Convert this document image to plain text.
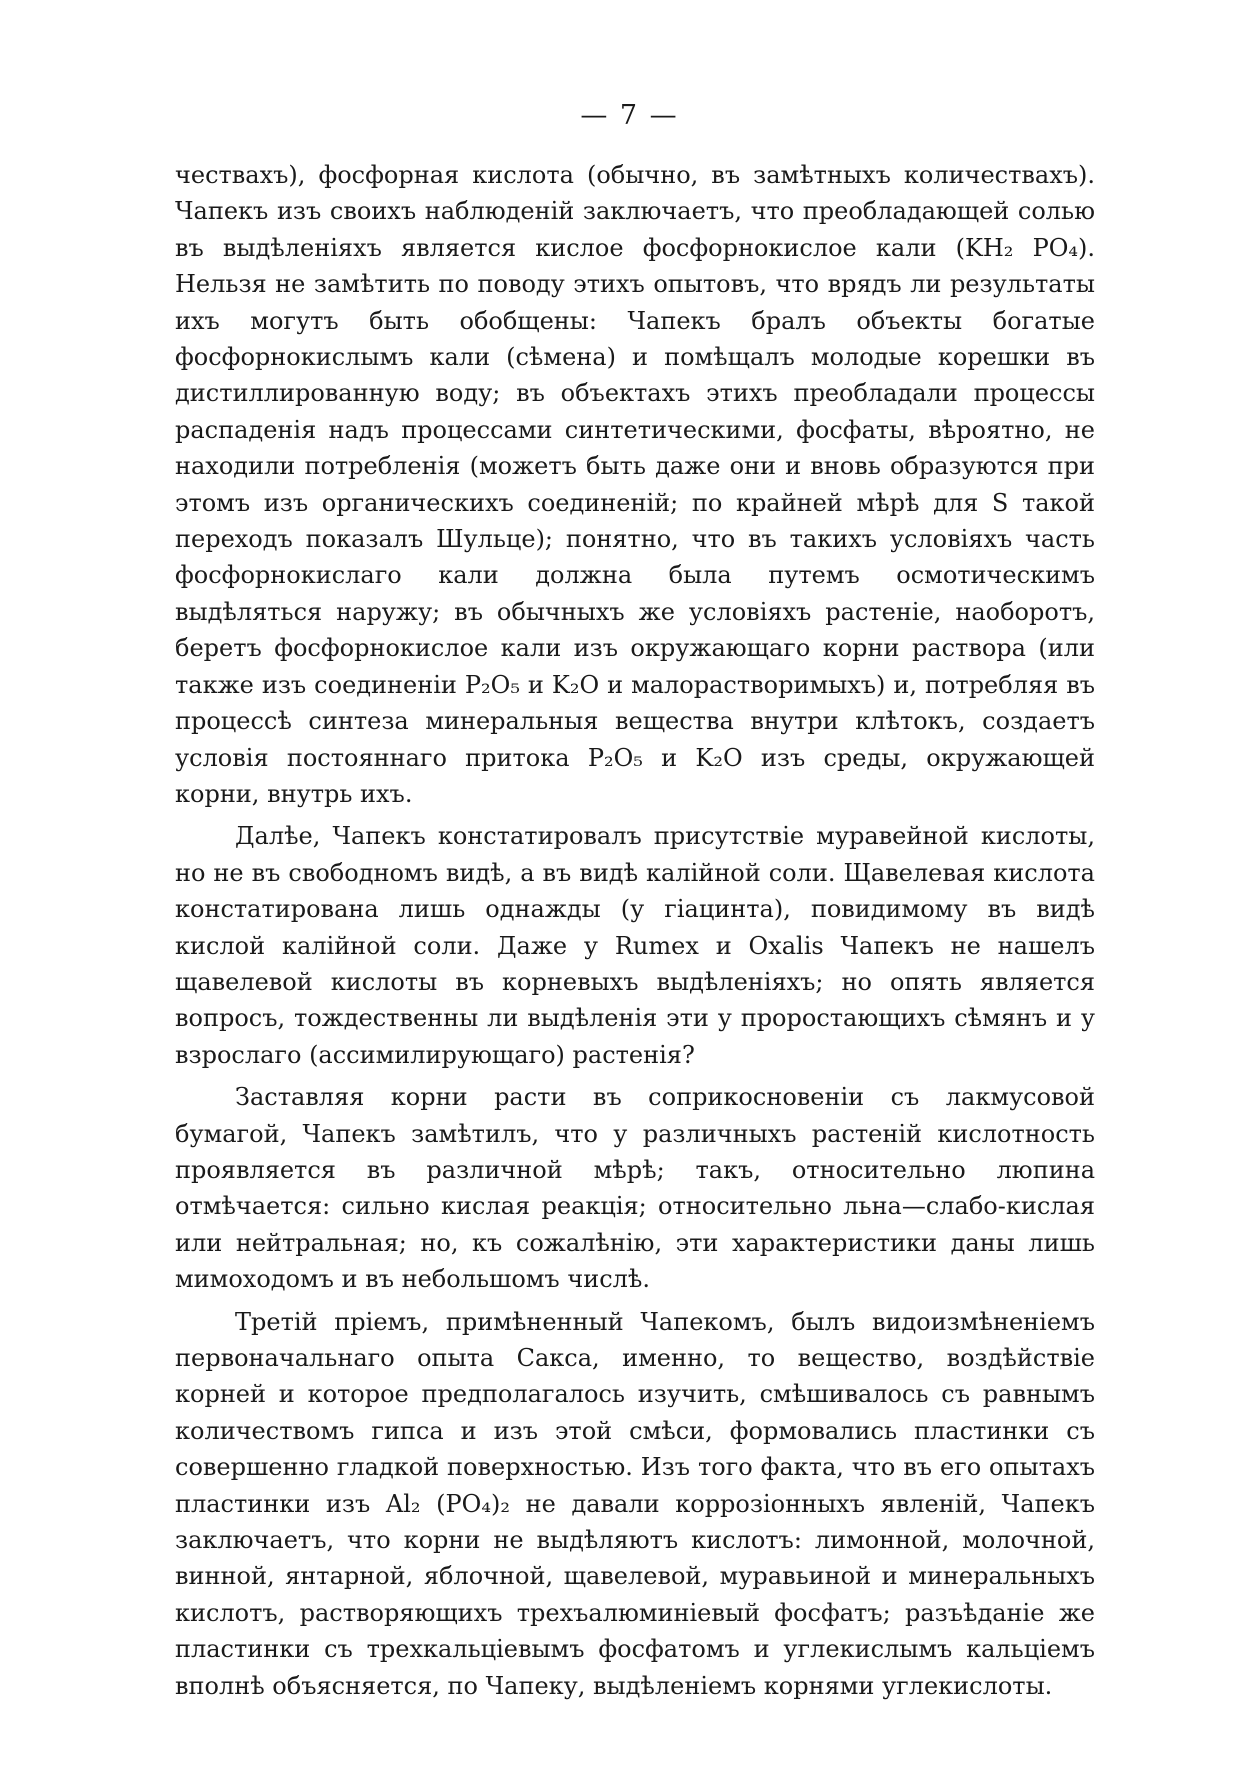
— 7 —

чествахъ), фосфорная кислота (обычно, въ замѣтныхъ количествахъ). Чапекъ изъ своихъ наблюденій заключаетъ, что преобладающей солью въ выдѣленіяхъ является кислое фосфорнокислое кали (KH₂ PO₄). Нельзя не замѣтить по поводу этихъ опытовъ, что врядъ ли результаты ихъ могутъ быть обобщены: Чапекъ бралъ объекты богатые фосфорнокислымъ кали (сѣмена) и помѣщалъ молодые корешки въ дистиллированную воду; въ объектахъ этихъ преобладали процессы распаденія надъ процессами синтетическими, фосфаты, вѣроятно, не находили потребленія (можетъ быть даже они и вновь образуются при этомъ изъ органическихъ соединеній; по крайней мѣрѣ для S такой переходъ показалъ Шульце); понятно, что въ такихъ условіяхъ часть фосфорнокислаго кали должна была путемъ осмотическимъ выдѣляться наружу; въ обычныхъ же условіяхъ растеніе, наоборотъ, беретъ фосфорнокислое кали изъ окружающаго корни раствора (или также изъ соединеніи P₂O₅ и K₂O и малорастворимыхъ) и, потребляя въ процессѣ синтеза минеральныя вещества внутри клѣтокъ, создаетъ условія постояннаго притока P₂O₅ и K₂O изъ среды, окружающей корни, внутрь ихъ.

Далѣе, Чапекъ констатировалъ присутствіе муравейной кислоты, но не въ свободномъ видѣ, а въ видѣ калійной соли. Щавелевая кислота констатирована лишь однажды (у гіацинта), повидимому въ видѣ кислой калійной соли. Даже у Rumex и Oxalis Чапекъ не нашелъ щавелевой кислоты въ корневыхъ выдѣленіяхъ; но опять является вопросъ, тождественны ли выдѣленія эти у проростающихъ сѣмянъ и у взрослаго (ассимилирующаго) растенія?

Заставляя корни расти въ соприкосновеніи съ лакмусовой бумагой, Чапекъ замѣтилъ, что у различныхъ растеній кислотность проявляется въ различной мѣрѣ; такъ, относительно люпина отмѣчается: сильно кислая реакція; относительно льна—слабо-кислая или нейтральная; но, къ сожалѣнію, эти характеристики даны лишь мимоходомъ и въ небольшомъ числѣ.

Третій пріемъ, примѣненный Чапекомъ, былъ видоизмѣненіемъ первоначальнаго опыта Сакса, именно, то вещество, воздѣйствіе корней и которое предполагалось изучить, смѣшивалось съ равнымъ количествомъ гипса и изъ этой смѣси, формовались пластинки съ совершенно гладкой поверхностью. Изъ того факта, что въ его опытахъ пластинки изъ Al₂ (PO₄)₂ не давали коррозіонныхъ явленій, Чапекъ заключаетъ, что корни не выдѣляютъ кислотъ: лимонной, молочной, винной, янтарной, яблочной, щавелевой, муравьиной и минеральныхъ кислотъ, растворяющихъ трехъалюминіевый фосфатъ; разъѣданіе же пластинки съ трехкальціевымъ фосфатомъ и углекислымъ кальціемъ вполнѣ объясняется, по Чапеку, выдѣленіемъ корнями углекислоты.
